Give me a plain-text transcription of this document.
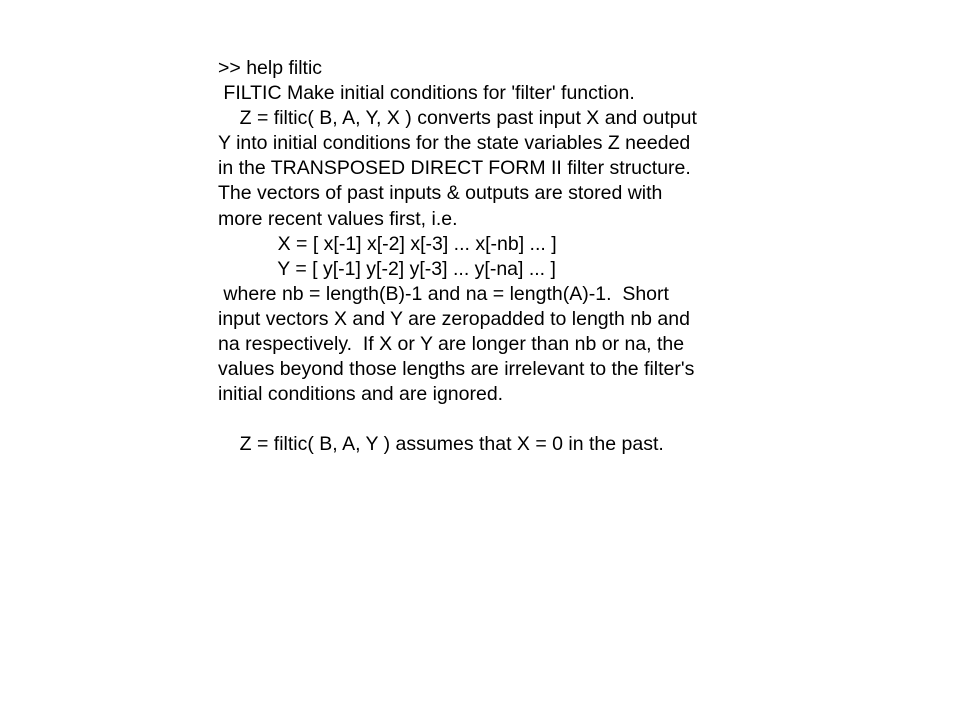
>> help filtic
FILTIC Make initial conditions for 'filter' function.
Z = filtic( B, A, Y, X ) converts past input X and output
Y into initial conditions for the state variables Z needed
in the TRANSPOSED DIRECT FORM II filter structure.
The vectors of past inputs & outputs are stored with
more recent values first, i.e.
X = [ x[-1] x[-2] x[-3] ... x[-nb] ... ]
Y = [ y[-1] y[-2] y[-3] ... y[-na] ... ]
where nb = length(B)-1 and na = length(A)-1.  Short
input vectors X and Y are zeropadded to length nb and
na respectively.  If X or Y are longer than nb or na, the
values beyond those lengths are irrelevant to the filter's
initial conditions and are ignored.
Z = filtic( B, A, Y ) assumes that X = 0 in the past.
